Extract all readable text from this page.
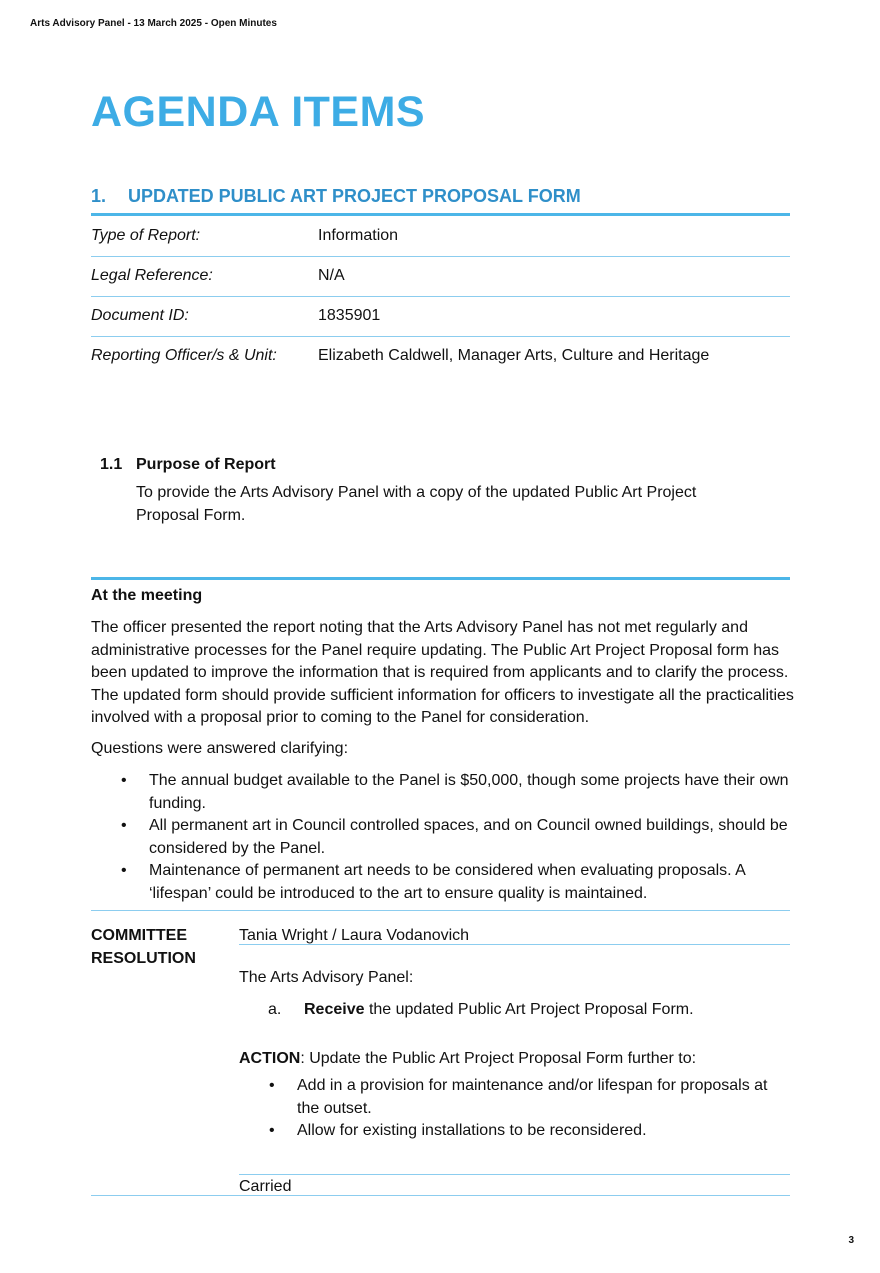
Arts Advisory Panel - 13 March 2025 - Open Minutes
AGENDA ITEMS
1. UPDATED PUBLIC ART PROJECT PROPOSAL FORM
Type of Report:	Information
Legal Reference:	N/A
Document ID:	1835901
Reporting Officer/s & Unit:	Elizabeth Caldwell, Manager Arts, Culture and Heritage
1.1 Purpose of Report
To provide the Arts Advisory Panel with a copy of the updated Public Art Project Proposal Form.
At the meeting
The officer presented the report noting that the Arts Advisory Panel has not met regularly and administrative processes for the Panel require updating. The Public Art Project Proposal form has been updated to improve the information that is required from applicants and to clarify the process. The updated form should provide sufficient information for officers to investigate all the practicalities involved with a proposal prior to coming to the Panel for consideration.
Questions were answered clarifying:
• The annual budget available to the Panel is $50,000, though some projects have their own funding.
• All permanent art in Council controlled spaces, and on Council owned buildings, should be considered by the Panel.
• Maintenance of permanent art needs to be considered when evaluating proposals. A ‘lifespan’ could be introduced to the art to ensure quality is maintained.
COMMITTEE
RESOLUTION
Tania Wright / Laura Vodanovich
The Arts Advisory Panel:
a. Receive the updated Public Art Project Proposal Form.
ACTION: Update the Public Art Project Proposal Form further to:
• Add in a provision for maintenance and/or lifespan for proposals at the outset.
• Allow for existing installations to be reconsidered.
Carried
3
